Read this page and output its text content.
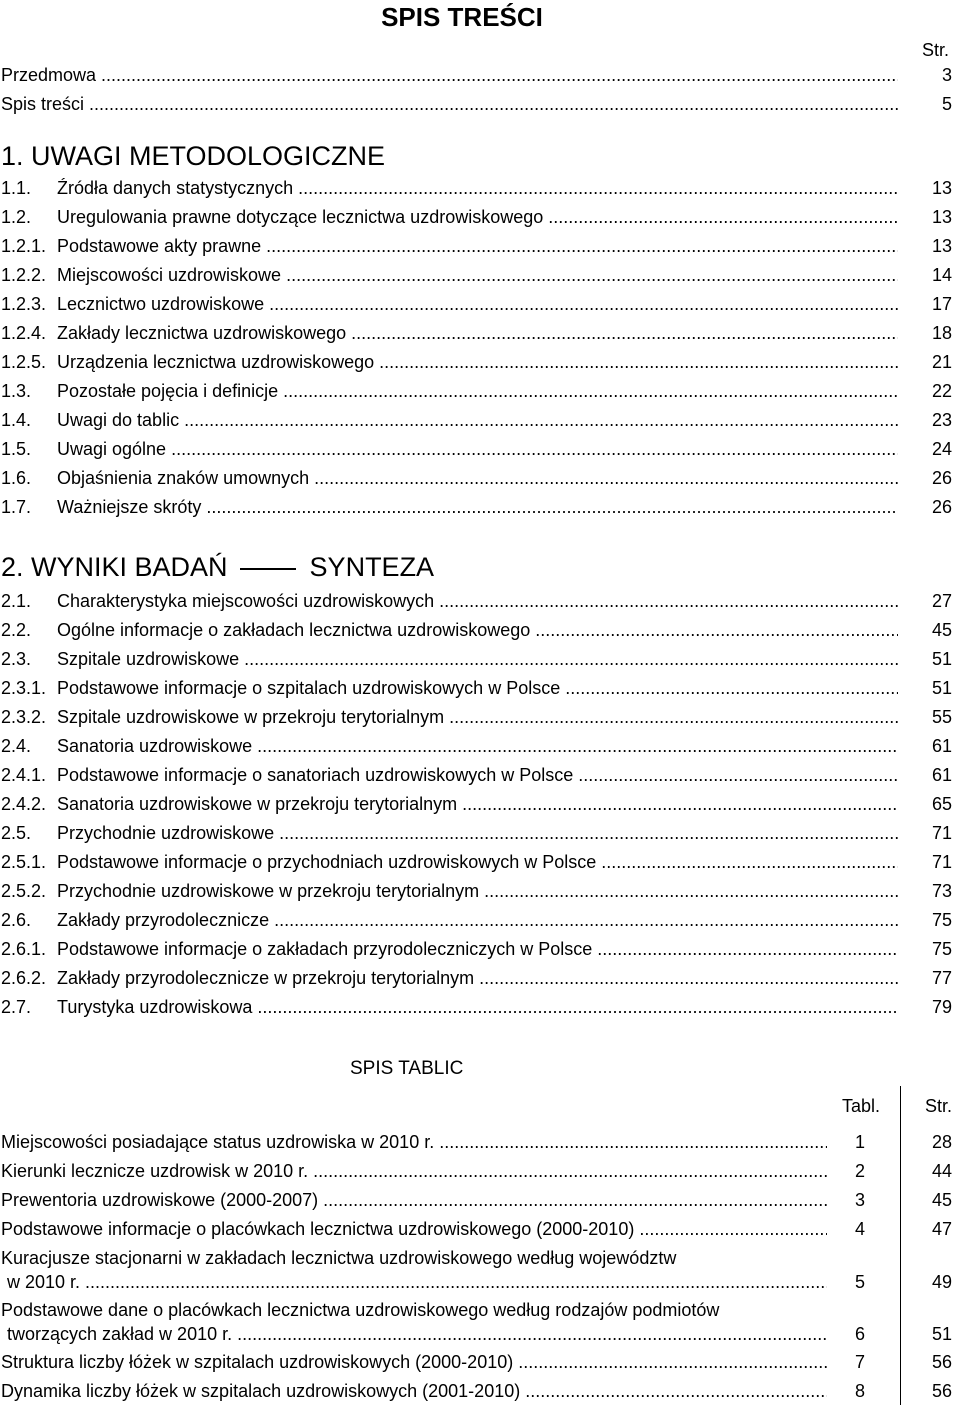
SPIS TREŚCI
Str.
Przedmowa .....	3
Spis treści .....	5
1. UWAGI METODOLOGICZNE
1.1. Źródła danych statystycznych .....	13
1.2. Uregulowania prawne dotyczące lecznictwa uzdrowiskowego .....	13
1.2.1. Podstawowe akty prawne .....	13
1.2.2. Miejscowości uzdrowiskowe .....	14
1.2.3. Lecznictwo uzdrowiskowe .....	17
1.2.4. Zakłady lecznictwa uzdrowiskowego .....	18
1.2.5. Urządzenia lecznictwa uzdrowiskowego .....	21
1.3. Pozostałe pojęcia i definicje .....	22
1.4. Uwagi do tablic .....	23
1.5. Uwagi ogólne .....	24
1.6. Objaśnienia znaków umownych .....	26
1.7. Ważniejsze skróty .....	26
2. WYNIKI BADAŃ	SYNTEZA
2.1. Charakterystyka miejscowości uzdrowiskowych .....	27
2.2. Ogólne informacje o zakładach lecznictwa uzdrowiskowego .....	45
2.3. Szpitale uzdrowiskowe .....	51
2.3.1. Podstawowe informacje o szpitalach uzdrowiskowych w Polsce .....	51
2.3.2. Szpitale uzdrowiskowe w przekroju terytorialnym .....	55
2.4. Sanatoria uzdrowiskowe .....	61
2.4.1. Podstawowe informacje o sanatoriach uzdrowiskowych w Polsce .....	61
2.4.2. Sanatoria uzdrowiskowe w przekroju terytorialnym .....	65
2.5. Przychodnie uzdrowiskowe .....	71
2.5.1. Podstawowe informacje o przychodniach uzdrowiskowych w Polsce .....	71
2.5.2. Przychodnie uzdrowiskowe w przekroju terytorialnym .....	73
2.6. Zakłady przyrodolecznicze .....	75
2.6.1. Podstawowe informacje o zakładach przyrodoleczniczych w Polsce .....	75
2.6.2. Zakłady przyrodolecznicze w przekroju terytorialnym .....	77
2.7. Turystyka uzdrowiskowa .....	79
SPIS TABLIC
Tabl. Str.
Miejscowości posiadające status uzdrowiska w 2010 r. .....	1	28
Kierunki lecznicze uzdrowisk w 2010 r. .....	2	44
Prewentoria uzdrowiskowe (2000-2007) .....	3	45
Podstawowe informacje o placówkach lecznictwa uzdrowiskowego (2000-2010) .....	4	47
Kuracjusze stacjonarni w zakładach lecznictwa uzdrowiskowego według województw
w 2010 r. .....	5	49
Podstawowe dane o placówkach lecznictwa uzdrowiskowego według rodzajów podmiotów
tworzących zakład w 2010 r. .....	6	51
Struktura liczby łóżek w szpitalach uzdrowiskowych (2000-2010) .....	7	56
Dynamika liczby łóżek w szpitalach uzdrowiskowych (2001-2010) .....	8	56
